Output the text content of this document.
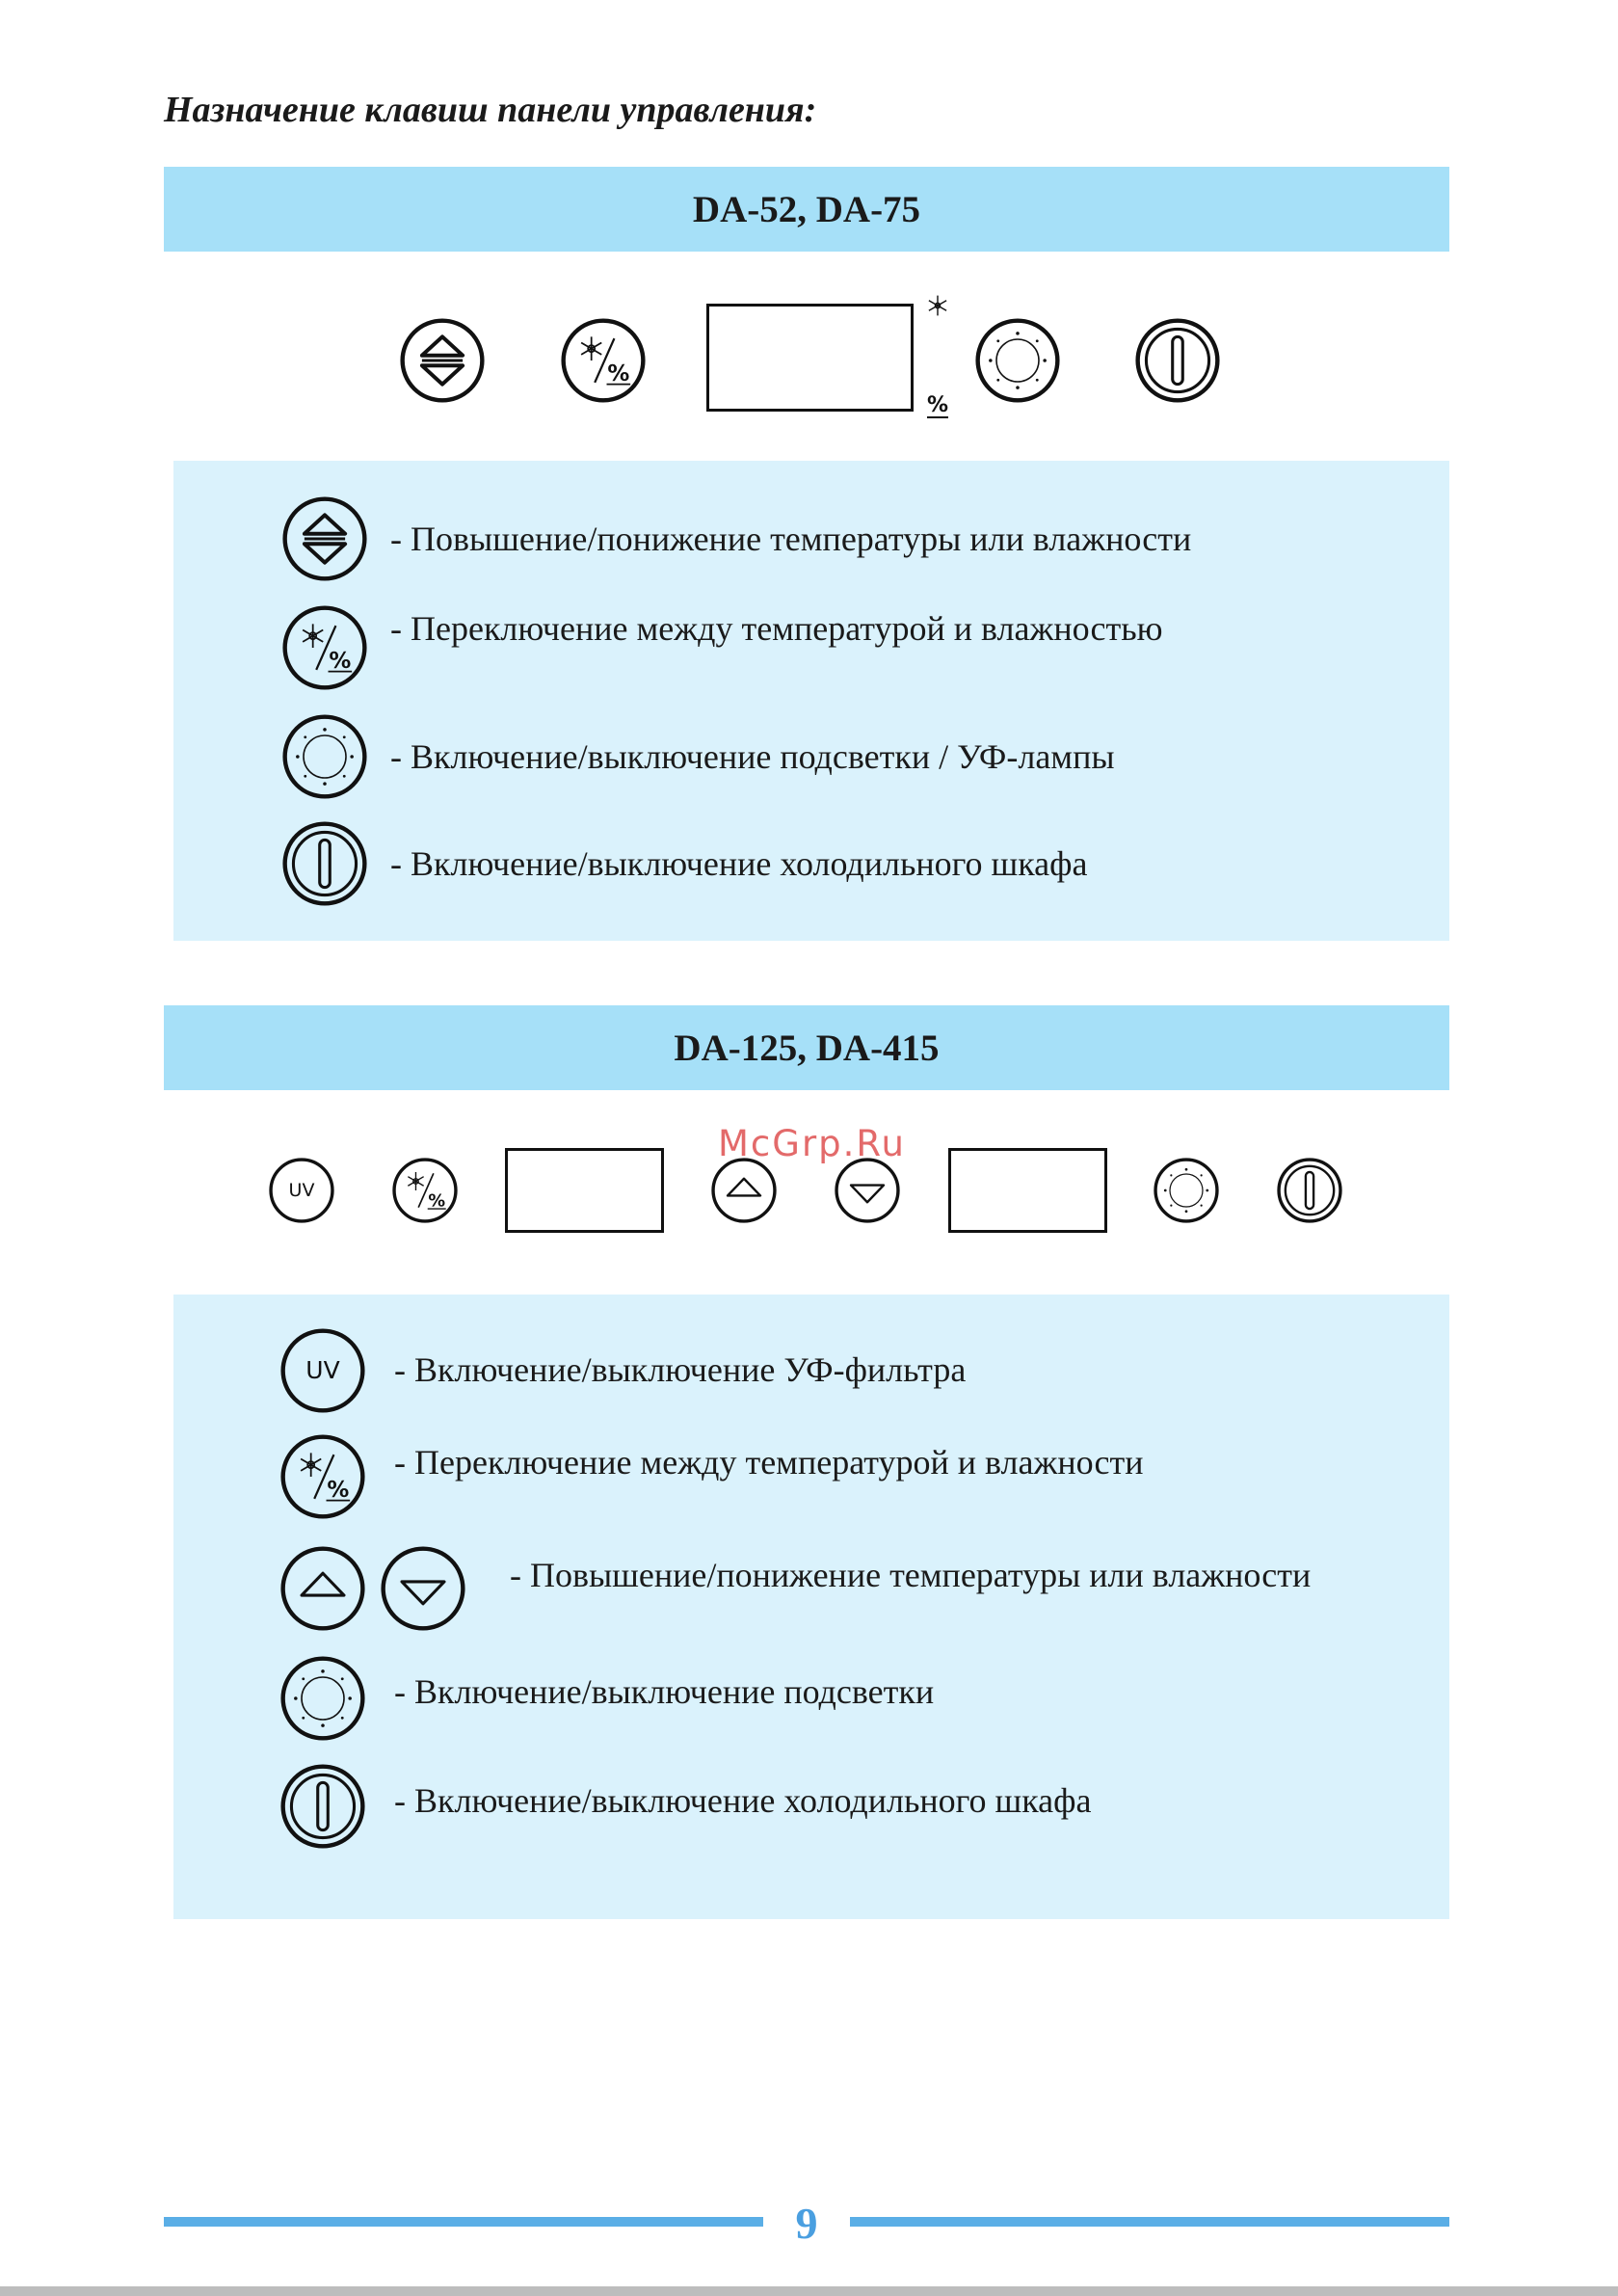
Назначение клавиш панели управления:
DA-52, DA-75
%
- Повышение/понижение температуры или влажности
- Переключение между температурой и влажностью
- Включение/выключение подсветки / УФ-лампы
- Включение/выключение холодильного шкафа
DA-125, DA-415
McGrp.Ru
UV
UV	- Включение/выключение УФ-фильтра
- Переключение между температурой и влажности
- Повышение/понижение температуры или влажности
- Включение/выключение подсветки
- Включение/выключение холодильного шкафа
9
